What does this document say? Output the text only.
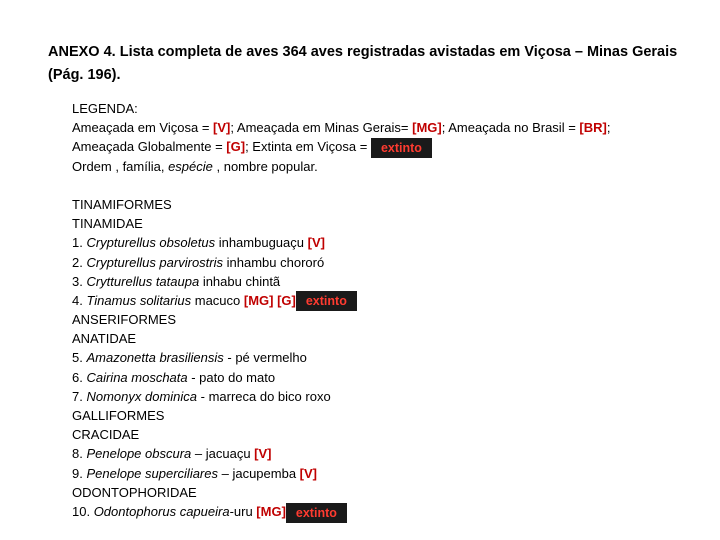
ANEXO 4. Lista completa de aves 364 aves registradas avistadas em Viçosa – Minas Gerais (Pág. 196).
LEGENDA:
Ameaçada em Viçosa = [V]; Ameaçada em Minas Gerais= [MG]; Ameaçada no Brasil = [BR];
Ameaçada Globalmente = [G]; Extinta em Viçosa = extinto
Ordem , família, espécie , nombre popular.
TINAMIFORMES
TINAMIDAE
1. Crypturellus obsoletus inhambuguaçu [V]
2. Crypturellus parvirostris inhambu chororó
3. Crytturellus tataupa inhabu chintã
4. Tinamus solitarius macuco [MG] [G] extinto
ANSERIFORMES
ANATIDAE
5. Amazonetta brasiliensis - pé vermelho
6. Cairina moschata - pato do mato
7. Nomonyx dominica - marreca do bico roxo
GALLIFORMES
CRACIDAE
8. Penelope obscura – jacuaçu [V]
9. Penelope superciliares – jacupemba [V]
ODONTOPHORIDAE
10. Odontophorus capueira-uru [MG] extinto
